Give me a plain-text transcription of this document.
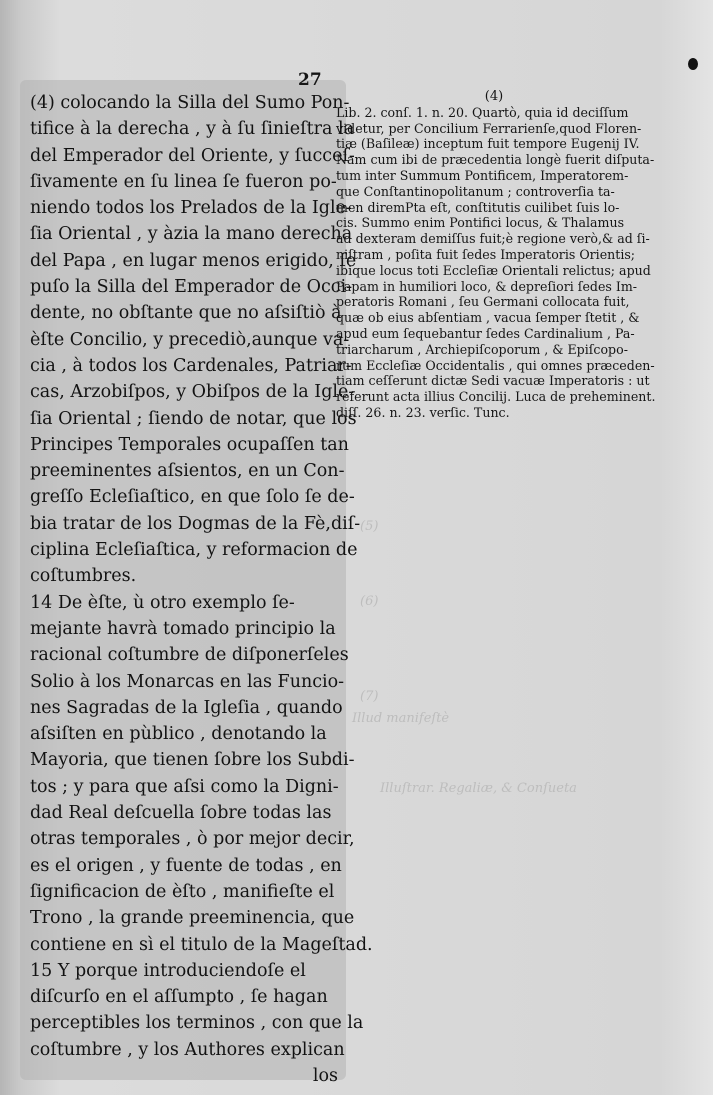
(5)
(6)
(7)
Illud manifeſtè
Illuſtrar. Regaliæ, & Conſueta
27
(4) colocando la Silla del Sumo Pon-
tifice à la derecha , y à ſu ſinieſtra la
del Emperador del Oriente, y ſucceſ-
ſivamente en ſu linea ſe fueron po-
niendo todos los Prelados de la Igle-
ſia Oriental , y àzia la mano derecha
del Papa , en lugar menos erigido, ſe
puſo la Silla del Emperador de Occi-
dente, no obſtante que no aſsiſtiò à
èſte Concilio, y precediò,aunque va-
cia , à todos los Cardenales, Patriar-
cas, Arzobiſpos, y Obiſpos de la Igle-
ſia Oriental ; ſiendo de notar, que los
Principes Temporales ocupaſſen tan
preeminentes aſsientos, en un Con-
greſſo Ecleſiaſtico, en que ſolo ſe de-
bia tratar de los Dogmas de la Fè,diſ-
ciplina Ecleſiaſtica, y reformacion de
coſtumbres.
14 De èſte, ù otro exemplo ſe-
mejante havrà tomado principio la
racional coſtumbre de diſponerſeles
Solio à los Monarcas en las Funcio-
nes Sagradas de la Igleſia , quando
aſsiſten en pùblico , denotando la
Mayoria, que tienen ſobre los Subdi-
tos ; y para que aſsi como la Digni-
dad Real deſcuella ſobre todas las
otras temporales , ò por mejor decir,
es el origen , y fuente de todas , en
ſignificacion de èſto , manifieſte el
Trono , la grande preeminencia, que
contiene en sì el titulo de la Mageſtad.
15 Y porque introduciendoſe el
diſcurſo en el aſſumpto , ſe hagan
perceptibles los terminos , con que la
coſtumbre , y los Authores explican
los
(4)
Lib. 2. conſ. 1. n. 20. Quartò, quia id deciſſum
videtur, per Concilium Ferrarienſe,quod Floren-
tiæ (Baſileæ) inceptum fuit tempore Eugenij IV.
Nam cum ibi de præcedentia longè fuerit diſputa-
tum inter Summum Pontificem, Imperatorem-
que Conſtantinopolitanum ; controverſia ta-
men diremPta eſt, conſtitutis cuilibet ſuis lo-
cis. Summo enim Pontifici locus, & Thalamus
ad dexteram demiſſus fuit;è regione verò,& ad ſi-
niſtram , poſita fuit ſedes Imperatoris Orientis;
ibique locus toti Eccleſiæ Orientali relictus; apud
Papam in humiliori loco, & depreſiori ſedes Im-
peratoris Romani , ſeu Germani collocata fuit,
quæ ob eius abſentiam , vacua ſemper ſtetit , &
apud eum ſequebantur ſedes Cardinalium , Pa-
triarcharum , Archiepiſcoporum , & Epiſcopo-
rum Eccleſiæ Occidentalis , qui omnes præceden-
tiam ceſſerunt dictæ Sedi vacuæ Imperatoris : ut
referunt acta illius Concilij. Luca de preheminent.
diſſ. 26. n. 23. verſic. Tunc.
